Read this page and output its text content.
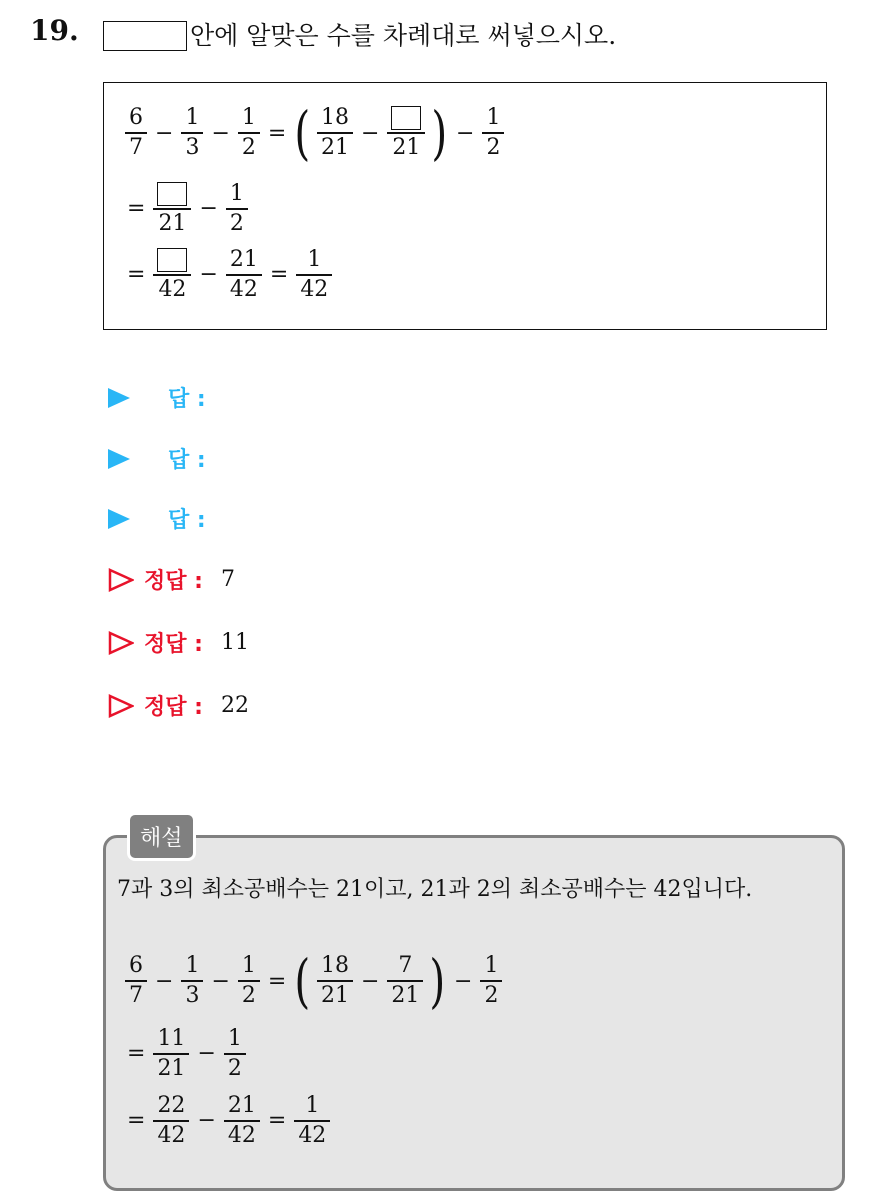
19.	안에 알맞은 수를 차례대로 써넣으시오.
$\frac{6}{7} - \frac{1}{3} - \frac{1}{2}$ = ( $\frac{18}{21}$ −
21 ) − $\frac{1}{2}$
=
21
− $\frac{1}{2}$
=
42
− $\frac{21}{42} = \frac{1}{42}$
답 :
답 :
답 :
정답 : 7
정답 : 11
정답 : 22
해설
7과 3의 최소공배수는 21이고, 21과 2의 최소공배수는 42입니다.
$\frac{6}{7} - \frac{1}{3} - \frac{1}{2}$ = ( $\frac{18}{21} - \frac{7}{21}$ ) − $\frac{1}{2}$
= $\frac{11}{21} - \frac{1}{2}$
= $\frac{22}{42} - \frac{21}{42} = \frac{1}{42}$
